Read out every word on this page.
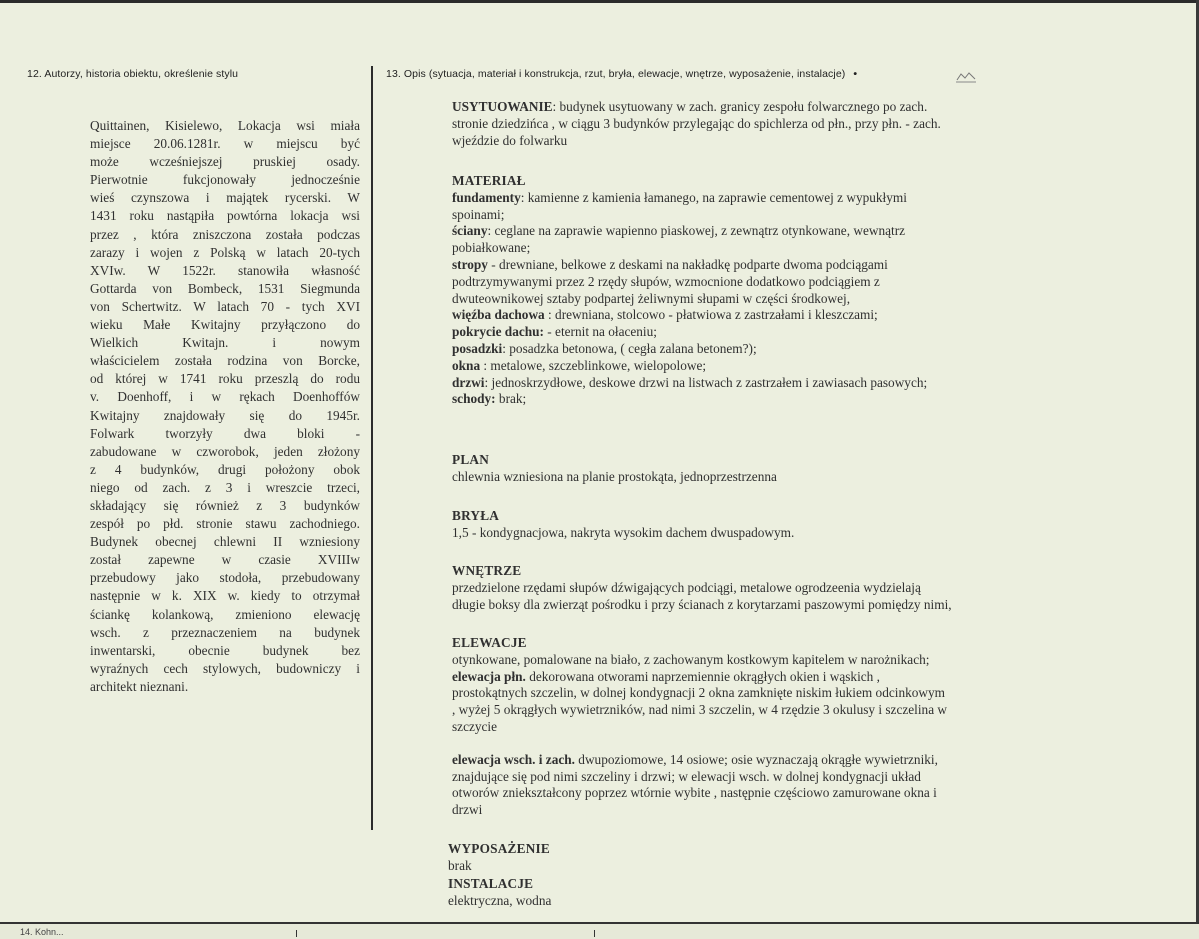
12. Autorzy, historia obiektu, określenie stylu	13. Opis (sytuacja, materiał i konstrukcja, rzut, bryła, elewacje, wnętrze, wyposażenie, instalacje) •

Quittainen, Kisielewo, Lokacja wsi miała

miejsce 20.06.1281r. w miejscu być

może wcześniejszej pruskiej osady.

Pierwotnie fukcjonowały jednocześnie

wieś czynszowa i majątek rycerski. W

1431 roku nastąpiła powtórna lokacja wsi

przez , która zniszczona została podczas

zarazy i wojen z Polską w latach 20-tych

XVIw. W 1522r. stanowiła własność

Gottarda von Bombeck, 1531 Siegmunda

von Schertwitz. W latach 70 - tych XVI

wieku Małe Kwitajny przyłączono do

Wielkich Kwitajn. i nowym

właścicielem została rodzina von Borcke,

od której w 1741 roku przeszlą do rodu

v. Doenhoff, i w rękach Doenhoffów

Kwitajny znajdowały się do 1945r.

Folwark tworzyły dwa bloki -

zabudowane w czworobok, jeden złożony

z 4 budynków, drugi położony obok

niego od zach. z 3 i wreszcie trzeci,

składający się również z 3 budynków

zespół po płd. stronie stawu zachodniego.

Budynek obecnej chlewni II wzniesiony

został zapewne w czasie XVIIIw

przebudowy jako stodoła, przebudowany

następnie w k. XIX w. kiedy to otrzymał

ściankę kolankową, zmieniono elewację

wsch. z przeznaczeniem na budynek

inwentarski, obecnie budynek bez

wyraźnych cech stylowych, budowniczy i

architekt nieznani.

USYTUOWANIE: budynek usytuowany w zach. granicy zespołu folwarcznego po zach.

stronie dziedzińca , w ciągu 3 budynków przylegając do spichlerza od płn., przy płn. - zach.

wjeździe do folwarku

MATERIAŁ

fundamenty: kamienne z kamienia łamanego, na zaprawie cementowej z wypukłymi

spoinami;

ściany: ceglane na zaprawie wapienno piaskowej, z zewnątrz otynkowane, wewnątrz

pobiałkowane;

stropy - drewniane, belkowe z deskami na nakładkę podparte dwoma podciągami

podtrzymywanymi przez 2 rzędy słupów, wzmocnione dodatkowo podciągiem z

dwuteownikowej sztaby podpartej żeliwnymi słupami w części środkowej,

więźba dachowa : drewniana, stolcowo - płatwiowa z zastrzałami i kleszczami;

pokrycie dachu: - eternit na ołaceniu;

posadzki: posadzka betonowa, ( cegła zalana betonem?);

okna : metalowe, szczeblinkowe, wielopolowe;

drzwi: jednoskrzydłowe, deskowe drzwi na listwach z zastrzałem i zawiasach pasowych;

schody: brak;

PLAN

chlewnia wzniesiona na planie prostokąta, jednoprzestrzenna

BRYŁA

1,5 - kondygnacjowa, nakryta wysokim dachem dwuspadowym.

WNĘTRZE

przedzielone rzędami słupów dźwigających podciągi, metalowe ogrodzeenia wydzielają

długie boksy dla zwierząt pośrodku i przy ścianach z korytarzami paszowymi pomiędzy nimi,

ELEWACJE

otynkowane, pomalowane na biało, z zachowanym kostkowym kapitelem w narożnikach;

elewacja płn. dekorowana otworami naprzemiennie okrągłych okien i wąskich ,

prostokątnych szczelin, w dolnej kondygnacji 2 okna zamknięte niskim łukiem odcinkowym

, wyżej 5 okrągłych wywietrzników, nad nimi 3 szczelin, w 4 rzędzie 3 okulusy i szczelina w

szczycie

elewacja wsch. i zach. dwupoziomowe, 14 osiowe; osie wyznaczają okrągłe wywietrzniki,

znajdujące się pod nimi szczeliny i drzwi; w elewacji wsch. w dolnej kondygnacji układ

otworów zniekształcony poprzez wtórnie wybite , następnie częściowo zamurowane okna i

drzwi

WYPOSAŻENIE

brak

INSTALACJE

elektryczna, wodna

14. Kohn...
